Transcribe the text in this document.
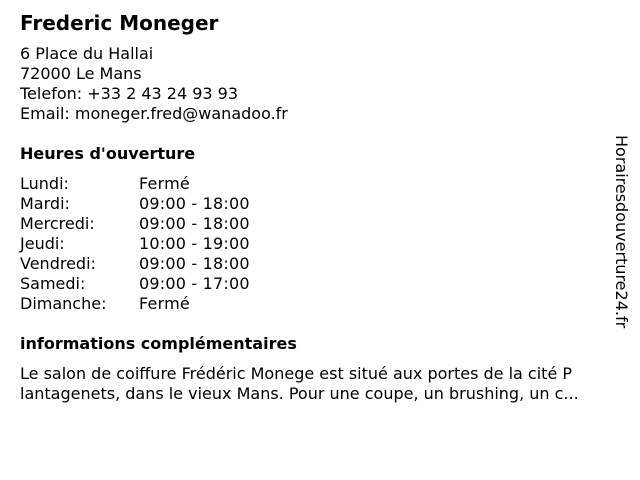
Frederic Moneger
6 Place du Hallai
72000 Le Mans
Telefon: +33 2 43 24 93 93
Email: moneger.fred@wanadoo.fr
Heures d'ouverture
Lundi:	Fermé
Mardi:	09:00 - 18:00
Mercredi:	09:00 - 18:00
Jeudi:	10:00 - 19:00
Vendredi:	09:00 - 18:00
Samedi:	09:00 - 17:00
Dimanche: Fermé
informations complémentaires
Le salon de coiffure Frédéric Monege est situé aux portes de la cité P
lantagenets, dans le vieux Mans. Pour une coupe, un brushing, un c...
Horairesdouverture24.fr
